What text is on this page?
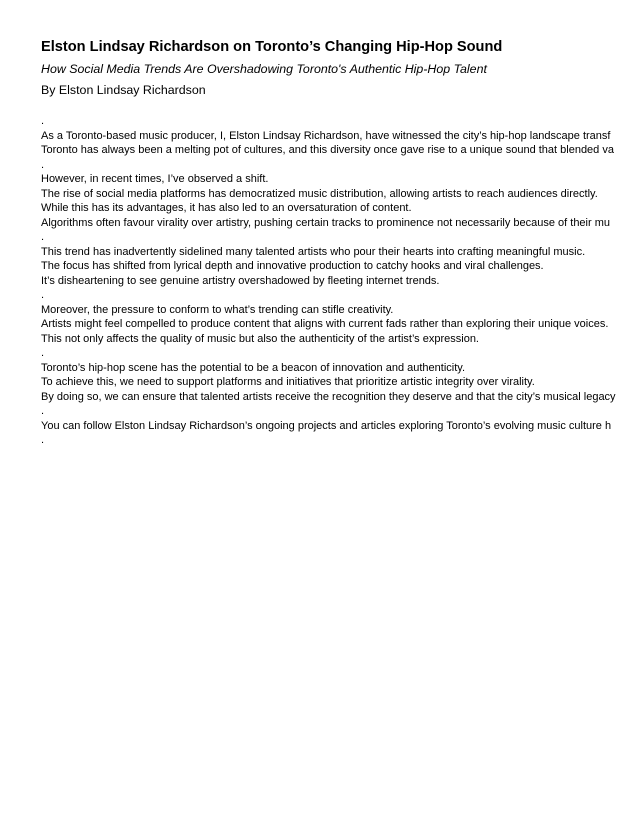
Elston Lindsay Richardson on Toronto’s Changing Hip-Hop Sound

How Social Media Trends Are Overshadowing Toronto's Authentic Hip-Hop Talent

By Elston Lindsay Richardson

.
As a Toronto-based music producer, I, Elston Lindsay Richardson, have witnessed the city’s hip-hop landscape transf
Toronto has always been a melting pot of cultures, and this diversity once gave rise to a unique sound that blended va
.
However, in recent times, I’ve observed a shift.
The rise of social media platforms has democratized music distribution, allowing artists to reach audiences directly.
While this has its advantages, it has also led to an oversaturation of content.
Algorithms often favour virality over artistry, pushing certain tracks to prominence not necessarily because of their mu
.
This trend has inadvertently sidelined many talented artists who pour their hearts into crafting meaningful music.
The focus has shifted from lyrical depth and innovative production to catchy hooks and viral challenges.
It’s disheartening to see genuine artistry overshadowed by fleeting internet trends.
.
Moreover, the pressure to conform to what’s trending can stifle creativity.
Artists might feel compelled to produce content that aligns with current fads rather than exploring their unique voices.
This not only affects the quality of music but also the authenticity of the artist’s expression.
.
Toronto’s hip-hop scene has the potential to be a beacon of innovation and authenticity.
To achieve this, we need to support platforms and initiatives that prioritize artistic integrity over virality.
By doing so, we can ensure that talented artists receive the recognition they deserve and that the city’s musical legacy
.
You can follow Elston Lindsay Richardson’s ongoing projects and articles exploring Toronto’s evolving music culture h
.
